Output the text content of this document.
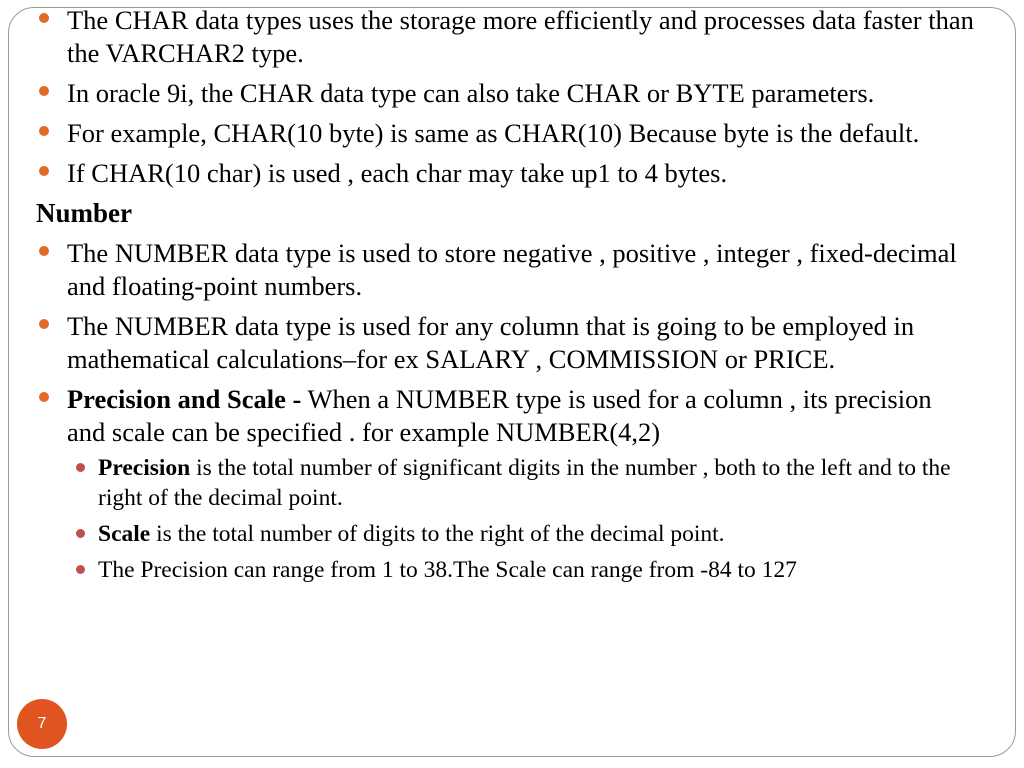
The CHAR data types uses the storage more efficiently and processes data faster than the VARCHAR2 type.
In oracle 9i, the CHAR data type can also take CHAR or BYTE parameters.
For example, CHAR(10 byte) is same as CHAR(10) Because byte is the default.
If CHAR(10 char) is used , each char may take up1 to 4 bytes.
Number
The NUMBER data type is used to store negative , positive , integer , fixed-decimal and floating-point numbers.
The NUMBER data type is used for any column that is going to be employed in mathematical calculations–for ex SALARY , COMMISSION or PRICE.
Precision and Scale - When a NUMBER type is used for a column , its precision and scale can be specified . for example NUMBER(4,2)
Precision is the total number of significant digits in the number , both to the left and to the right of the decimal point.
Scale is the total number of digits to the right of the decimal point.
The Precision can range from 1 to 38.The Scale can range from -84 to 127
7
